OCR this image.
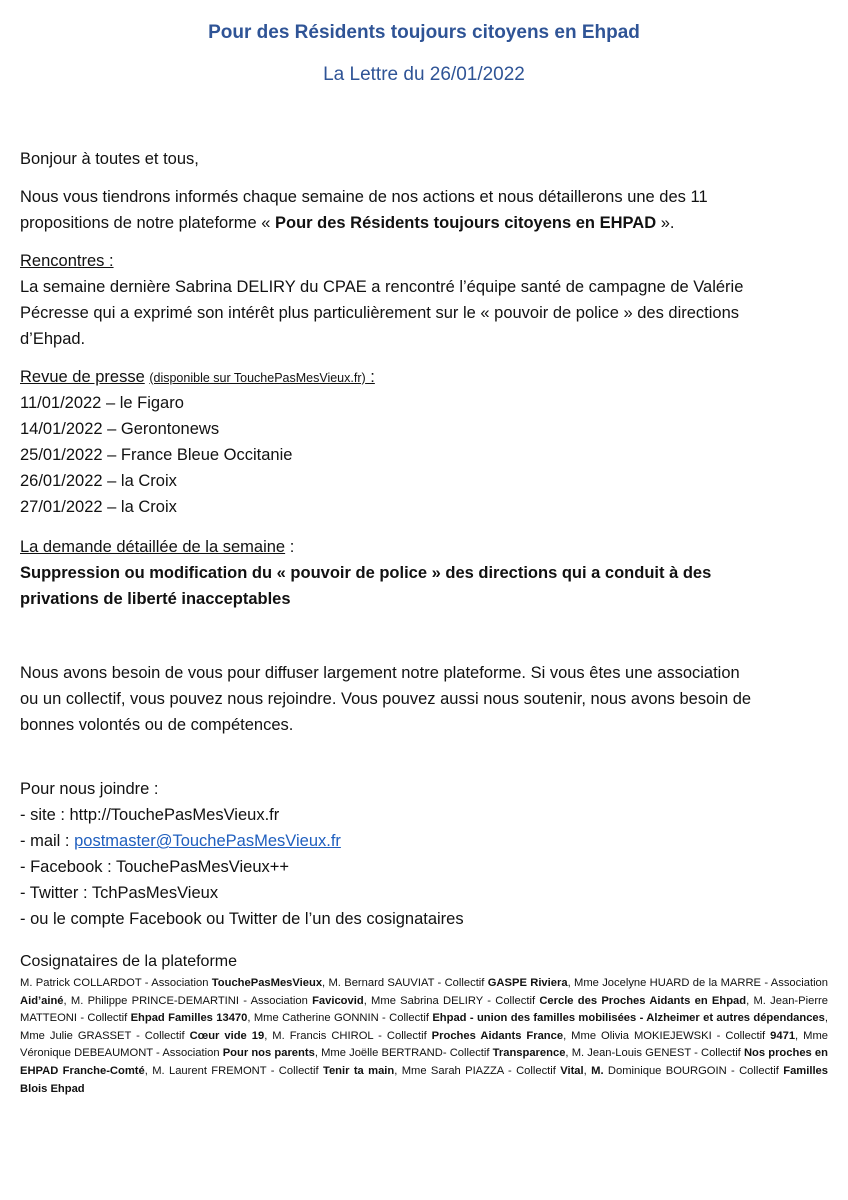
Pour des Résidents toujours citoyens en Ehpad
La Lettre du 26/01/2022
Bonjour à toutes et tous,
Nous vous tiendrons informés chaque semaine de nos actions et nous détaillerons une des 11
propositions de notre plateforme « Pour des Résidents toujours citoyens en EHPAD ».
Rencontres :
La semaine dernière Sabrina DELIRY du CPAE a rencontré l’équipe santé de campagne de Valérie
Pécresse qui a exprimé son intérêt plus particulièrement sur le « pouvoir de police » des directions
d’Ehpad.
Revue de presse (disponible sur TouchePasMesVieux.fr) :
11/01/2022 – le Figaro
14/01/2022 – Gerontonews
25/01/2022 – France Bleue Occitanie
26/01/2022 – la Croix
27/01/2022 – la Croix
La demande détaillée de la semaine :
Suppression ou modification du « pouvoir de police » des directions qui a conduit à des
privations de liberté inacceptables
Nous avons besoin de vous pour diffuser largement notre plateforme. Si vous êtes une association
ou un collectif, vous pouvez nous rejoindre. Vous pouvez aussi nous soutenir, nous avons besoin de
bonnes volontés ou de compétences.
Pour nous joindre :
- site : http://TouchePasMesVieux.fr
- mail : postmaster@TouchePasMesVieux.fr
- Facebook : TouchePasMesVieux++
- Twitter : TchPasMesVieux
- ou le compte Facebook ou Twitter de l’un des cosignataires
Cosignataires de la plateforme
M. Patrick COLLARDOT - Association TouchePasMesVieux, M. Bernard SAUVIAT - Collectif GASPE Riviera, Mme Jocelyne HUARD de la MARRE - Association Aid’ainé, M. Philippe PRINCE-DEMARTINI - Association Favicovid, Mme Sabrina DELIRY - Collectif Cercle des Proches Aidants en Ehpad, M. Jean-Pierre MATTEONI - Collectif Ehpad Familles 13470, Mme Catherine GONNIN - Collectif Ehpad - union des familles mobilisées - Alzheimer et autres dépendances, Mme Julie GRASSET - Collectif Cœur vide 19, M. Francis CHIROL - Collectif Proches Aidants France, Mme Olivia MOKIEJEWSKI - Collectif 9471, Mme Véronique DEBEAUMONT - Association Pour nos parents, Mme Joëlle BERTRAND- Collectif Transparence, M. Jean-Louis GENEST - Collectif Nos proches en EHPAD Franche-Comté, M. Laurent FREMONT - Collectif Tenir ta main, Mme Sarah PIAZZA - Collectif Vital, M. Dominique BOURGOIN - Collectif Familles Blois Ehpad
